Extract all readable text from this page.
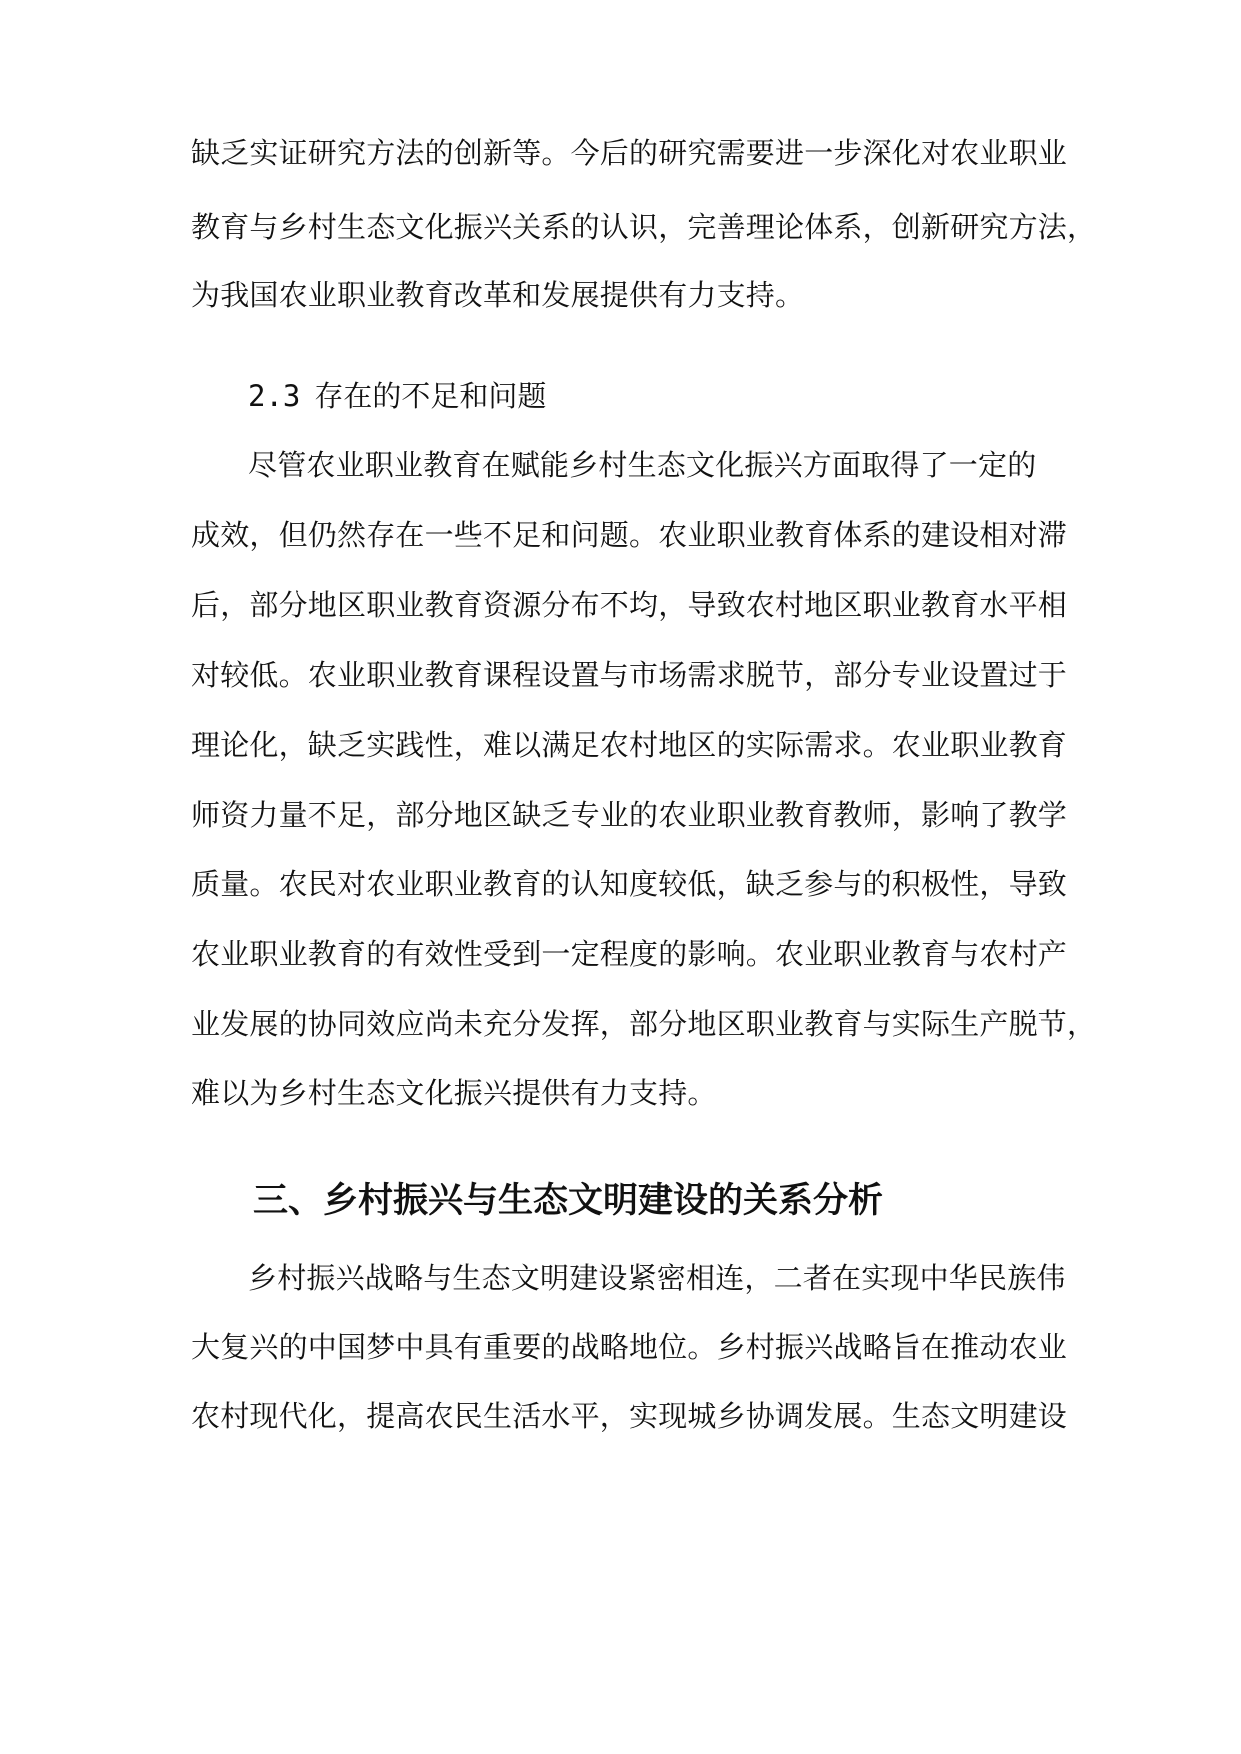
缺乏实证研究方法的创新等。今后的研究需要进一步深化对农业职业
教育与乡村生态文化振兴关系的认识，完善理论体系，创新研究方法，
为我国农业职业教育改革和发展提供有力支持。
2.3 存在的不足和问题
尽管农业职业教育在赋能乡村生态文化振兴方面取得了一定的
成效，但仍然存在一些不足和问题。农业职业教育体系的建设相对滞
后，部分地区职业教育资源分布不均，导致农村地区职业教育水平相
对较低。农业职业教育课程设置与市场需求脱节，部分专业设置过于
理论化，缺乏实践性，难以满足农村地区的实际需求。农业职业教育
师资力量不足，部分地区缺乏专业的农业职业教育教师，影响了教学
质量。农民对农业职业教育的认知度较低，缺乏参与的积极性，导致
农业职业教育的有效性受到一定程度的影响。农业职业教育与农村产
业发展的协同效应尚未充分发挥，部分地区职业教育与实际生产脱节，
难以为乡村生态文化振兴提供有力支持。
三、乡村振兴与生态文明建设的关系分析
乡村振兴战略与生态文明建设紧密相连，二者在实现中华民族伟
大复兴的中国梦中具有重要的战略地位。乡村振兴战略旨在推动农业
农村现代化，提高农民生活水平，实现城乡协调发展。生态文明建设
